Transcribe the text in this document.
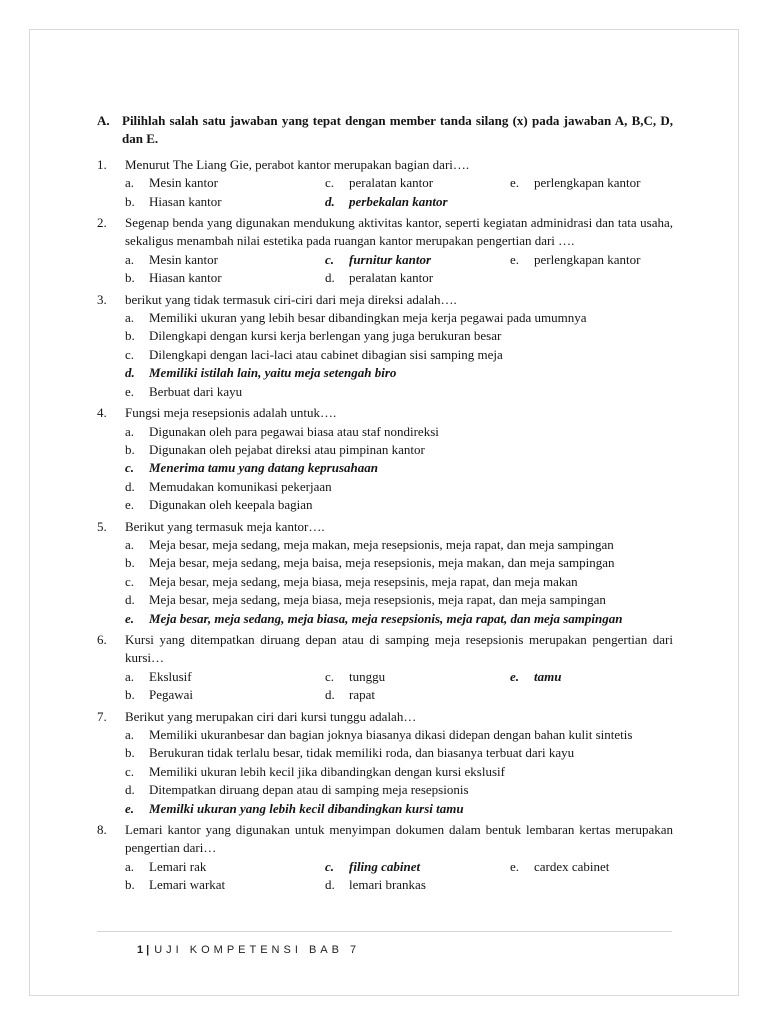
A. Pilihlah salah satu jawaban yang tepat dengan member tanda silang (x) pada jawaban A, B,C, D, dan E.
1.	Menurut The Liang Gie, perabot kantor merupakan bagian dari….
a.	Mesin kantor
b.	Hiasan kantor
c.	peralatan kantor
d.	perbekalan kantor
e.	perlengkapan kantor
2.	Segenap benda yang digunakan mendukung aktivitas kantor, seperti kegiatan adminidrasi dan tata usaha, sekaligus menambah nilai estetika pada ruangan kantor merupakan pengertian dari ….
a.	Mesin kantor
b.	Hiasan kantor
c.	furnitur kantor
d.	peralatan kantor
e.	perlengkapan kantor
3.	berikut yang tidak termasuk ciri-ciri dari meja direksi adalah….
a.	Memiliki ukuran yang lebih besar dibandingkan meja kerja pegawai pada umumnya
b.	Dilengkapi dengan kursi kerja berlengan yang juga berukuran besar
c.	Dilengkapi dengan laci-laci atau cabinet dibagian sisi samping meja
d.	Memiliki istilah lain, yaitu meja setengah biro
e.	Berbuat dari kayu
4.	Fungsi meja resepsionis adalah untuk….
a.	Digunakan oleh para pegawai biasa atau staf nondireksi
b.	Digunakan oleh pejabat direksi atau pimpinan kantor
c.	Menerima tamu yang datang keprusahaan
d.	Memudakan komunikasi pekerjaan
e.	Digunakan oleh keepala bagian
5.	Berikut yang termasuk meja kantor….
a.	Meja besar, meja sedang, meja makan, meja resepsionis, meja rapat, dan meja sampingan
b.	Meja besar, meja sedang, meja baisa, meja resepsionis, meja makan, dan meja sampingan
c.	Meja besar, meja sedang, meja biasa, meja resepsinis, meja rapat, dan meja makan
d.	Meja besar, meja sedang, meja biasa, meja resepsionis, meja rapat, dan meja sampingan
e.	Meja besar, meja sedang, meja biasa, meja resepsionis, meja rapat, dan meja sampingan
6.	Kursi yang ditempatkan diruang depan atau di samping meja resepsionis merupakan pengertian dari kursi…
a.	Ekslusif
b.	Pegawai
c.	tunggu
d.	rapat
e.	tamu
7.	Berikut yang merupakan ciri dari kursi tunggu adalah…
a.	Memiliki ukuranbesar dan bagian joknya biasanya dikasi didepan dengan bahan kulit sintetis
b.	Berukuran tidak terlalu besar, tidak memiliki roda, dan biasanya terbuat dari kayu
c.	Memiliki ukuran lebih kecil jika dibandingkan dengan kursi ekslusif
d.	Ditempatkan diruang depan atau di samping meja resepsionis
e.	Memilki ukuran yang lebih kecil dibandingkan kursi tamu
8.	Lemari kantor yang digunakan untuk menyimpan dokumen dalam bentuk lembaran kertas merupakan pengertian dari…
a.	Lemari rak
b.	Lemari warkat
c.	filing cabinet
d.	lemari brankas
e.	cardex cabinet
1 | UJI KOMPETENSI BAB 7
